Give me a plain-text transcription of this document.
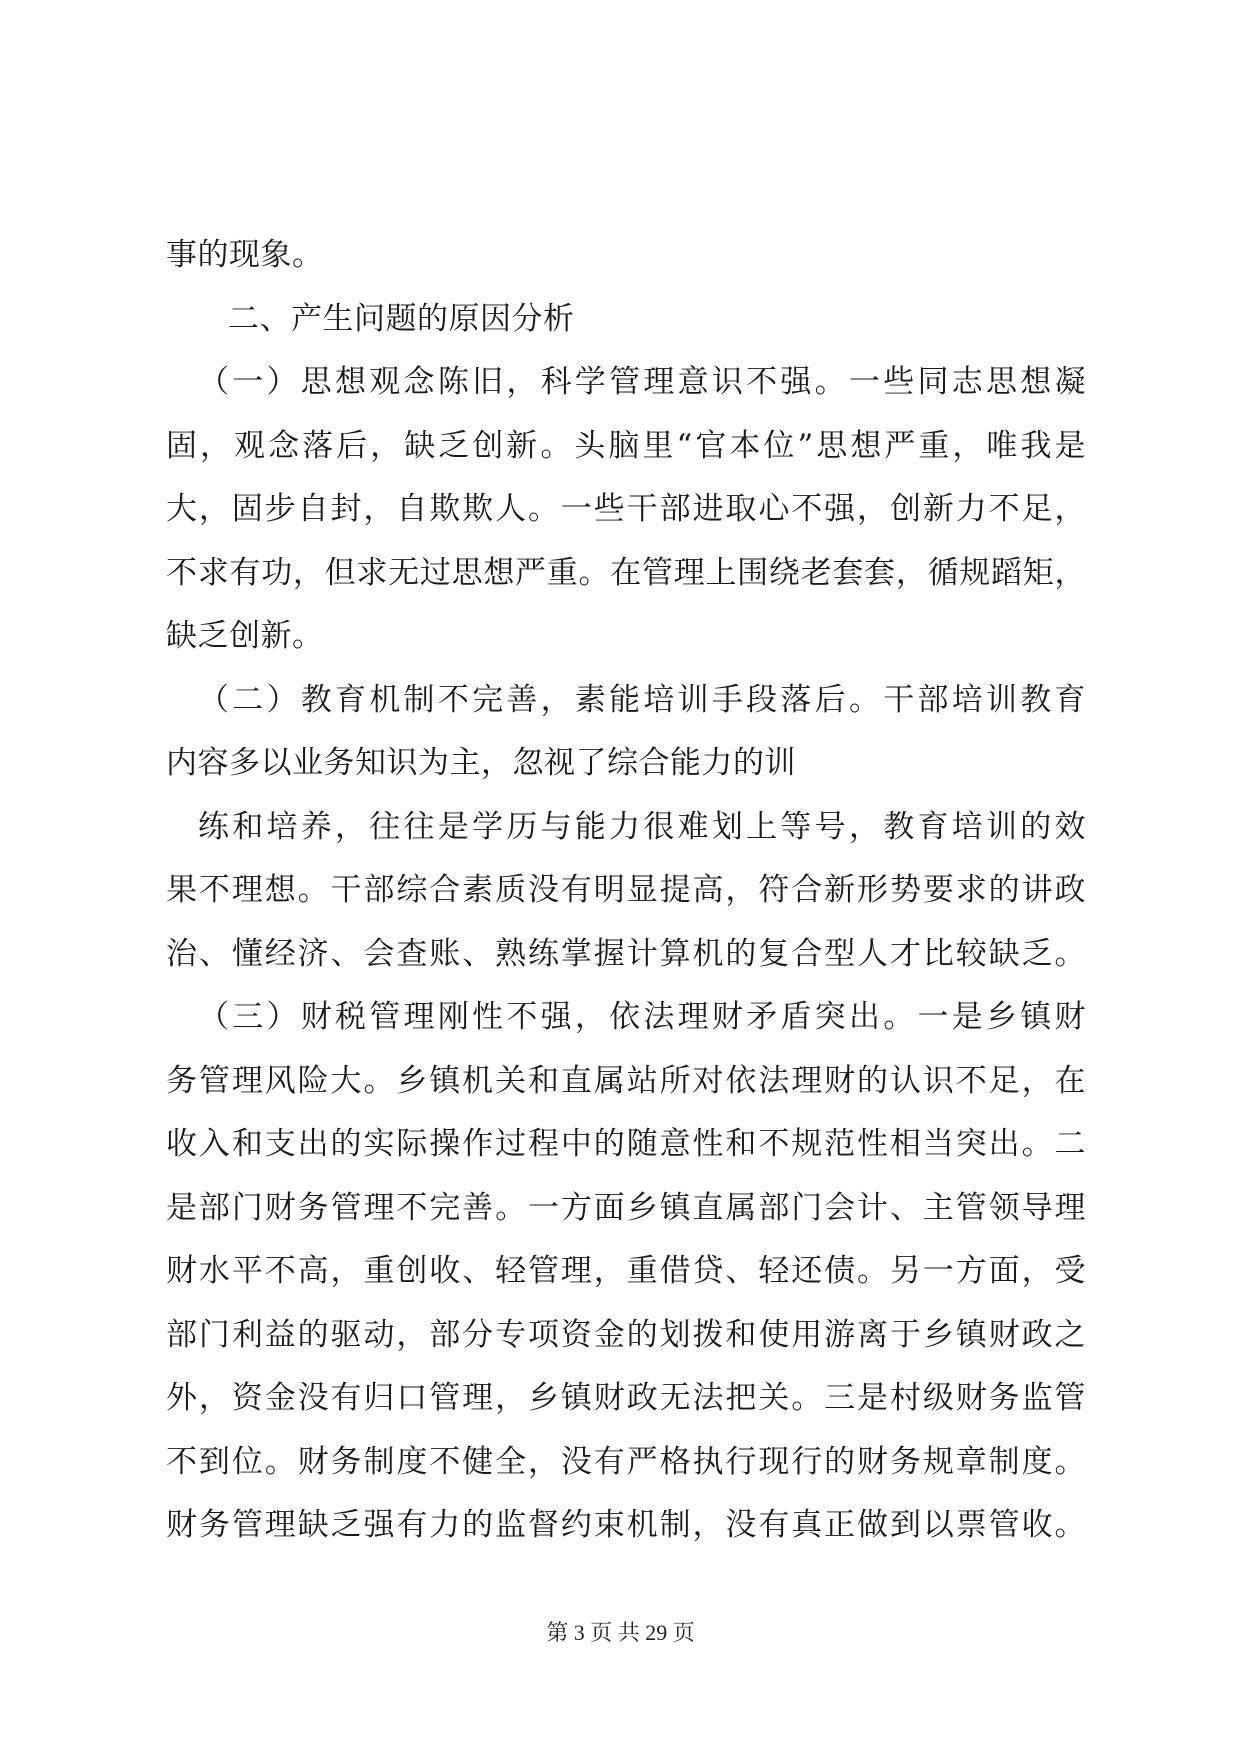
事的现象。
二、产生问题的原因分析
（一）思想观念陈旧，科学管理意识不强。一些同志思想凝
固，观念落后，缺乏创新。头脑里“官本位”思想严重，唯我是
大，固步自封，自欺欺人。一些干部进取心不强，创新力不足，
不求有功，但求无过思想严重。在管理上围绕老套套，循规蹈矩，
缺乏创新。
（二）教育机制不完善，素能培训手段落后。干部培训教育
内容多以业务知识为主，忽视了综合能力的训
练和培养，往往是学历与能力很难划上等号，教育培训的效
果不理想。干部综合素质没有明显提高，符合新形势要求的讲政
治、懂经济、会查账、熟练掌握计算机的复合型人才比较缺乏。
（三）财税管理刚性不强，依法理财矛盾突出。一是乡镇财
务管理风险大。乡镇机关和直属站所对依法理财的认识不足，在
收入和支出的实际操作过程中的随意性和不规范性相当突出。二
是部门财务管理不完善。一方面乡镇直属部门会计、主管领导理
财水平不高，重创收、轻管理，重借贷、轻还债。另一方面，受
部门利益的驱动，部分专项资金的划拨和使用游离于乡镇财政之
外，资金没有归口管理，乡镇财政无法把关。三是村级财务监管
不到位。财务制度不健全，没有严格执行现行的财务规章制度。
财务管理缺乏强有力的监督约束机制，没有真正做到以票管收。
第 3 页 共 29 页
